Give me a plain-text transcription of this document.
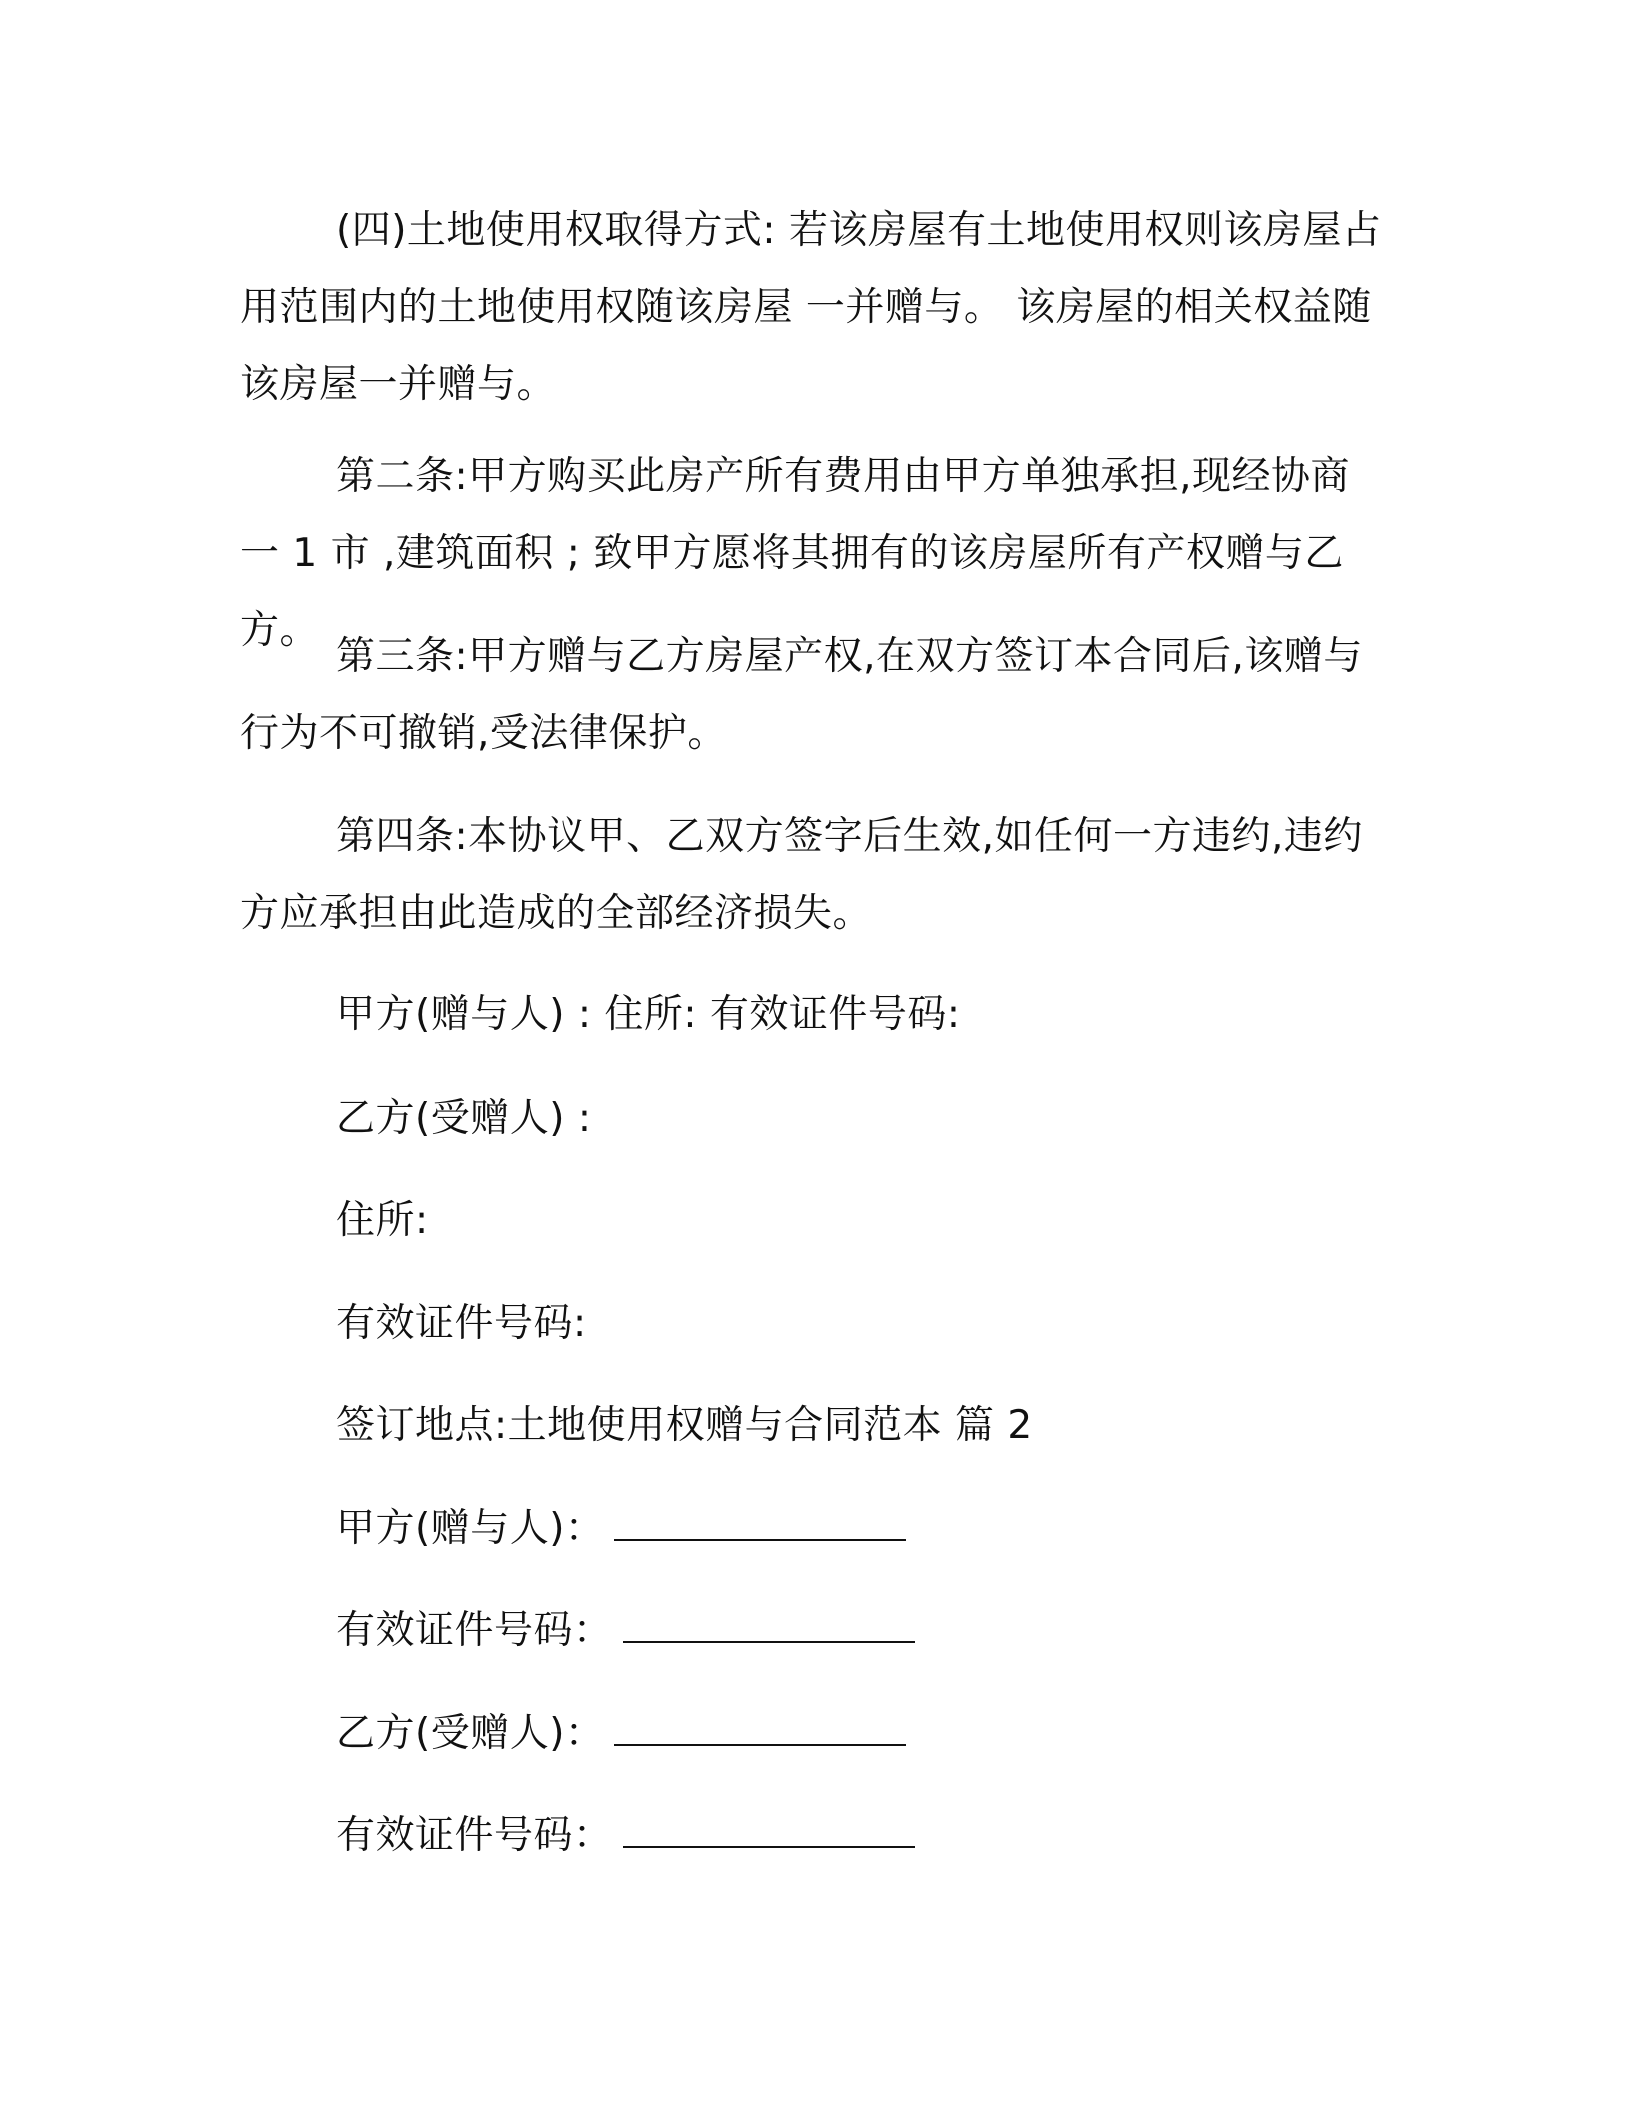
(四)土地使用权取得方式: 若该房屋有土地使用权则该房屋占用范围内的土地使用权随该房屋 一并赠与。 该房屋的相关权益随该房屋一并赠与。

第二条:甲方购买此房产所有费用由甲方单独承担,现经协商一 1 市 ,建筑面积 ; 致甲方愿将其拥有的该房屋所有产权赠与乙方。

第三条:甲方赠与乙方房屋产权,在双方签订本合同后,该赠与 行为不可撤销,受法律保护。

第四条:本协议甲、乙双方签字后生效,如任何一方违约,违约 方应承担由此造成的全部经济损失。

甲方(赠与人) : 住所: 有效证件号码:

乙方(受赠人) :

住所:

有效证件号码:

签订地点:土地使用权赠与合同范本 篇 2

甲方(赠与人)：
有效证件号码：
乙方(受赠人)：
有效证件号码：
